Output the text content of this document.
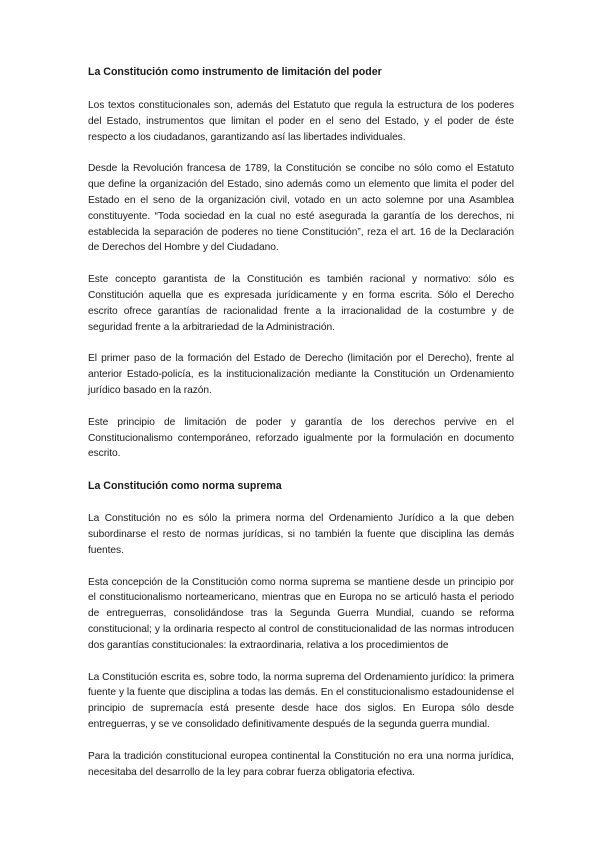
La Constitución como instrumento de limitación del poder

Los textos constitucionales son, además del Estatuto que regula la estructura de los poderes del Estado, instrumentos que limitan el poder en el seno del Estado, y el poder de éste respecto a los ciudadanos, garantizando así las libertades individuales.

Desde la Revolución francesa de 1789, la Constitución se concibe no sólo como el Estatuto que define la organización del Estado, sino además como un elemento que limita el poder del Estado en el seno de la organización civil, votado en un acto solemne por una Asamblea constituyente. “Toda sociedad en la cual no esté asegurada la garantía de los derechos, ni establecida la separación de poderes no tiene Constitución”, reza el art. 16 de la Declaración de Derechos del Hombre y del Ciudadano.

Este concepto garantista de la Constitución es también racional y normativo: sólo es Constitución aquella que es expresada jurídicamente y en forma escrita. Sólo el Derecho escrito ofrece garantías de racionalidad frente a la irracionalidad de la costumbre y de seguridad frente a la arbitrariedad de la Administración.

El primer paso de la formación del Estado de Derecho (limitación por el Derecho), frente al anterior Estado-policía, es la institucionalización mediante la Constitución un Ordenamiento jurídico basado en la razón.

Este principio de limitación de poder y garantía de los derechos pervive en el Constitucionalismo contemporáneo, reforzado igualmente por la formulación en documento escrito.

La Constitución como norma suprema

La Constitución no es sólo la primera norma del Ordenamiento Jurídico a la que deben subordinarse el resto de normas jurídicas, si no también la fuente que disciplina las demás fuentes.

Esta concepción de la Constitución como norma suprema se mantiene desde un principio por el constitucionalismo norteamericano, mientras que en Europa no se articuló hasta el periodo de entreguerras, consolidándose tras la Segunda Guerra Mundial, cuando se reforma constitucional; y la ordinaria respecto al control de constitucionalidad de las normas introducen dos garantías constitucionales: la extraordinaria, relativa a los procedimientos de

La Constitución escrita es, sobre todo, la norma suprema del Ordenamiento jurídico: la primera fuente y la fuente que disciplina a todas las demás. En el constitucionalismo estadounidense el principio de supremacía está presente desde hace dos siglos. En Europa sólo desde entreguerras, y se ve consolidado definitivamente después de la segunda guerra mundial.

Para la tradición constitucional europea continental la Constitución no era una norma jurídica, necesitaba del desarrollo de la ley para cobrar fuerza obligatoria efectiva.
